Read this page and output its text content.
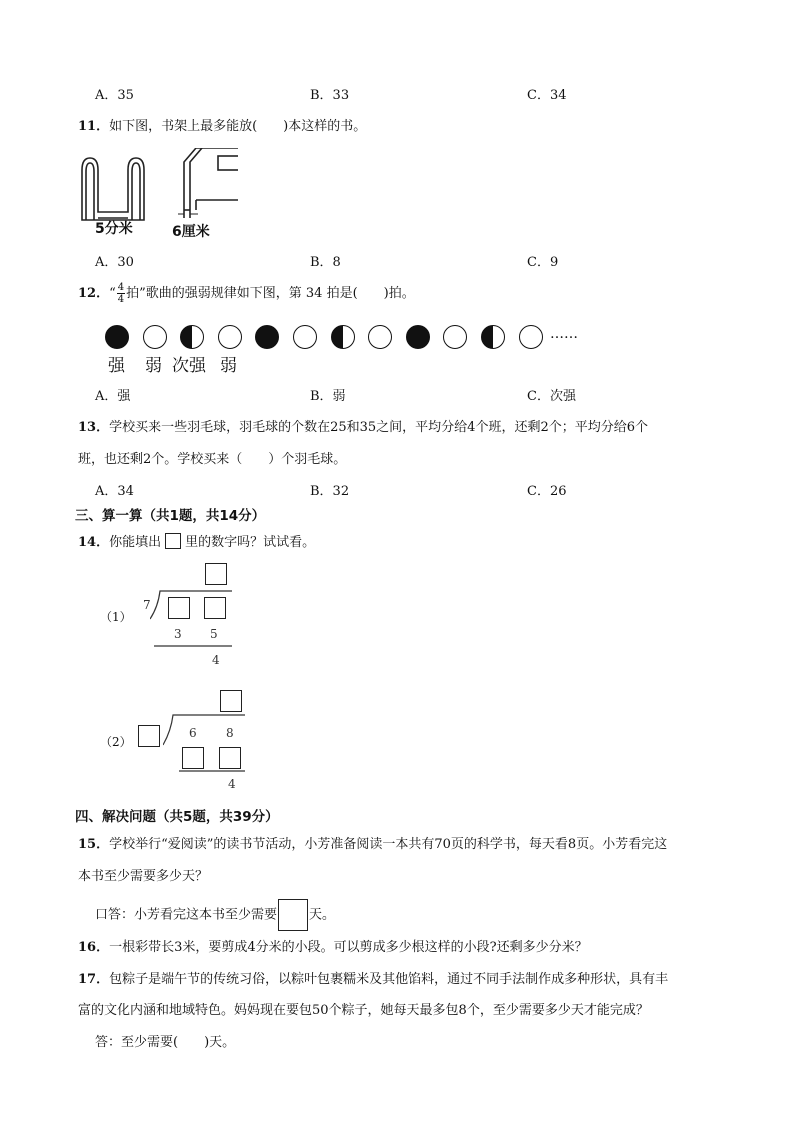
A．35	B．33	C．34
11．如下图，书架上最多能放(　　)本这样的书。
5分米	6厘米
A．30	B．8	C．9
12．“ $\frac{4}{4}$拍”歌曲的强弱规律如下图，第 34 拍是(　　)拍。
……
强 弱 次强 弱
A．强	B．弱	C．次强
13．学校买来一些羽毛球，羽毛球的个数在25和35之间，平均分给4个班，还剩2个；平均分给6个
班，也还剩2个。学校买来（　　）个羽毛球。
A．34	B．32	C．26
三、算一算（共1题，共14分）
14．你能填出 里的数字吗？试试看。
（1）
7
3 5
4
（2）
6 8
4
四、解决问题（共5题，共39分）
15．学校举行“爱阅读”的读书节活动，小芳准备阅读一本共有70页的科学书，每天看8页。小芳看完这
本书至少需要多少天？
口答：小芳看完这本书至少需要 天。
16．一根彩带长3米，要剪成4分米的小段。可以剪成多少根这样的小段?还剩多少分米？
17．包粽子是端午节的传统习俗，以粽叶包裹糯米及其他馅料，通过不同手法制作成多种形状，具有丰
富的文化内涵和地域特色。妈妈现在要包50个粽子，她每天最多包8个，至少需要多少天才能完成？
答：至少需要(　　)天。
